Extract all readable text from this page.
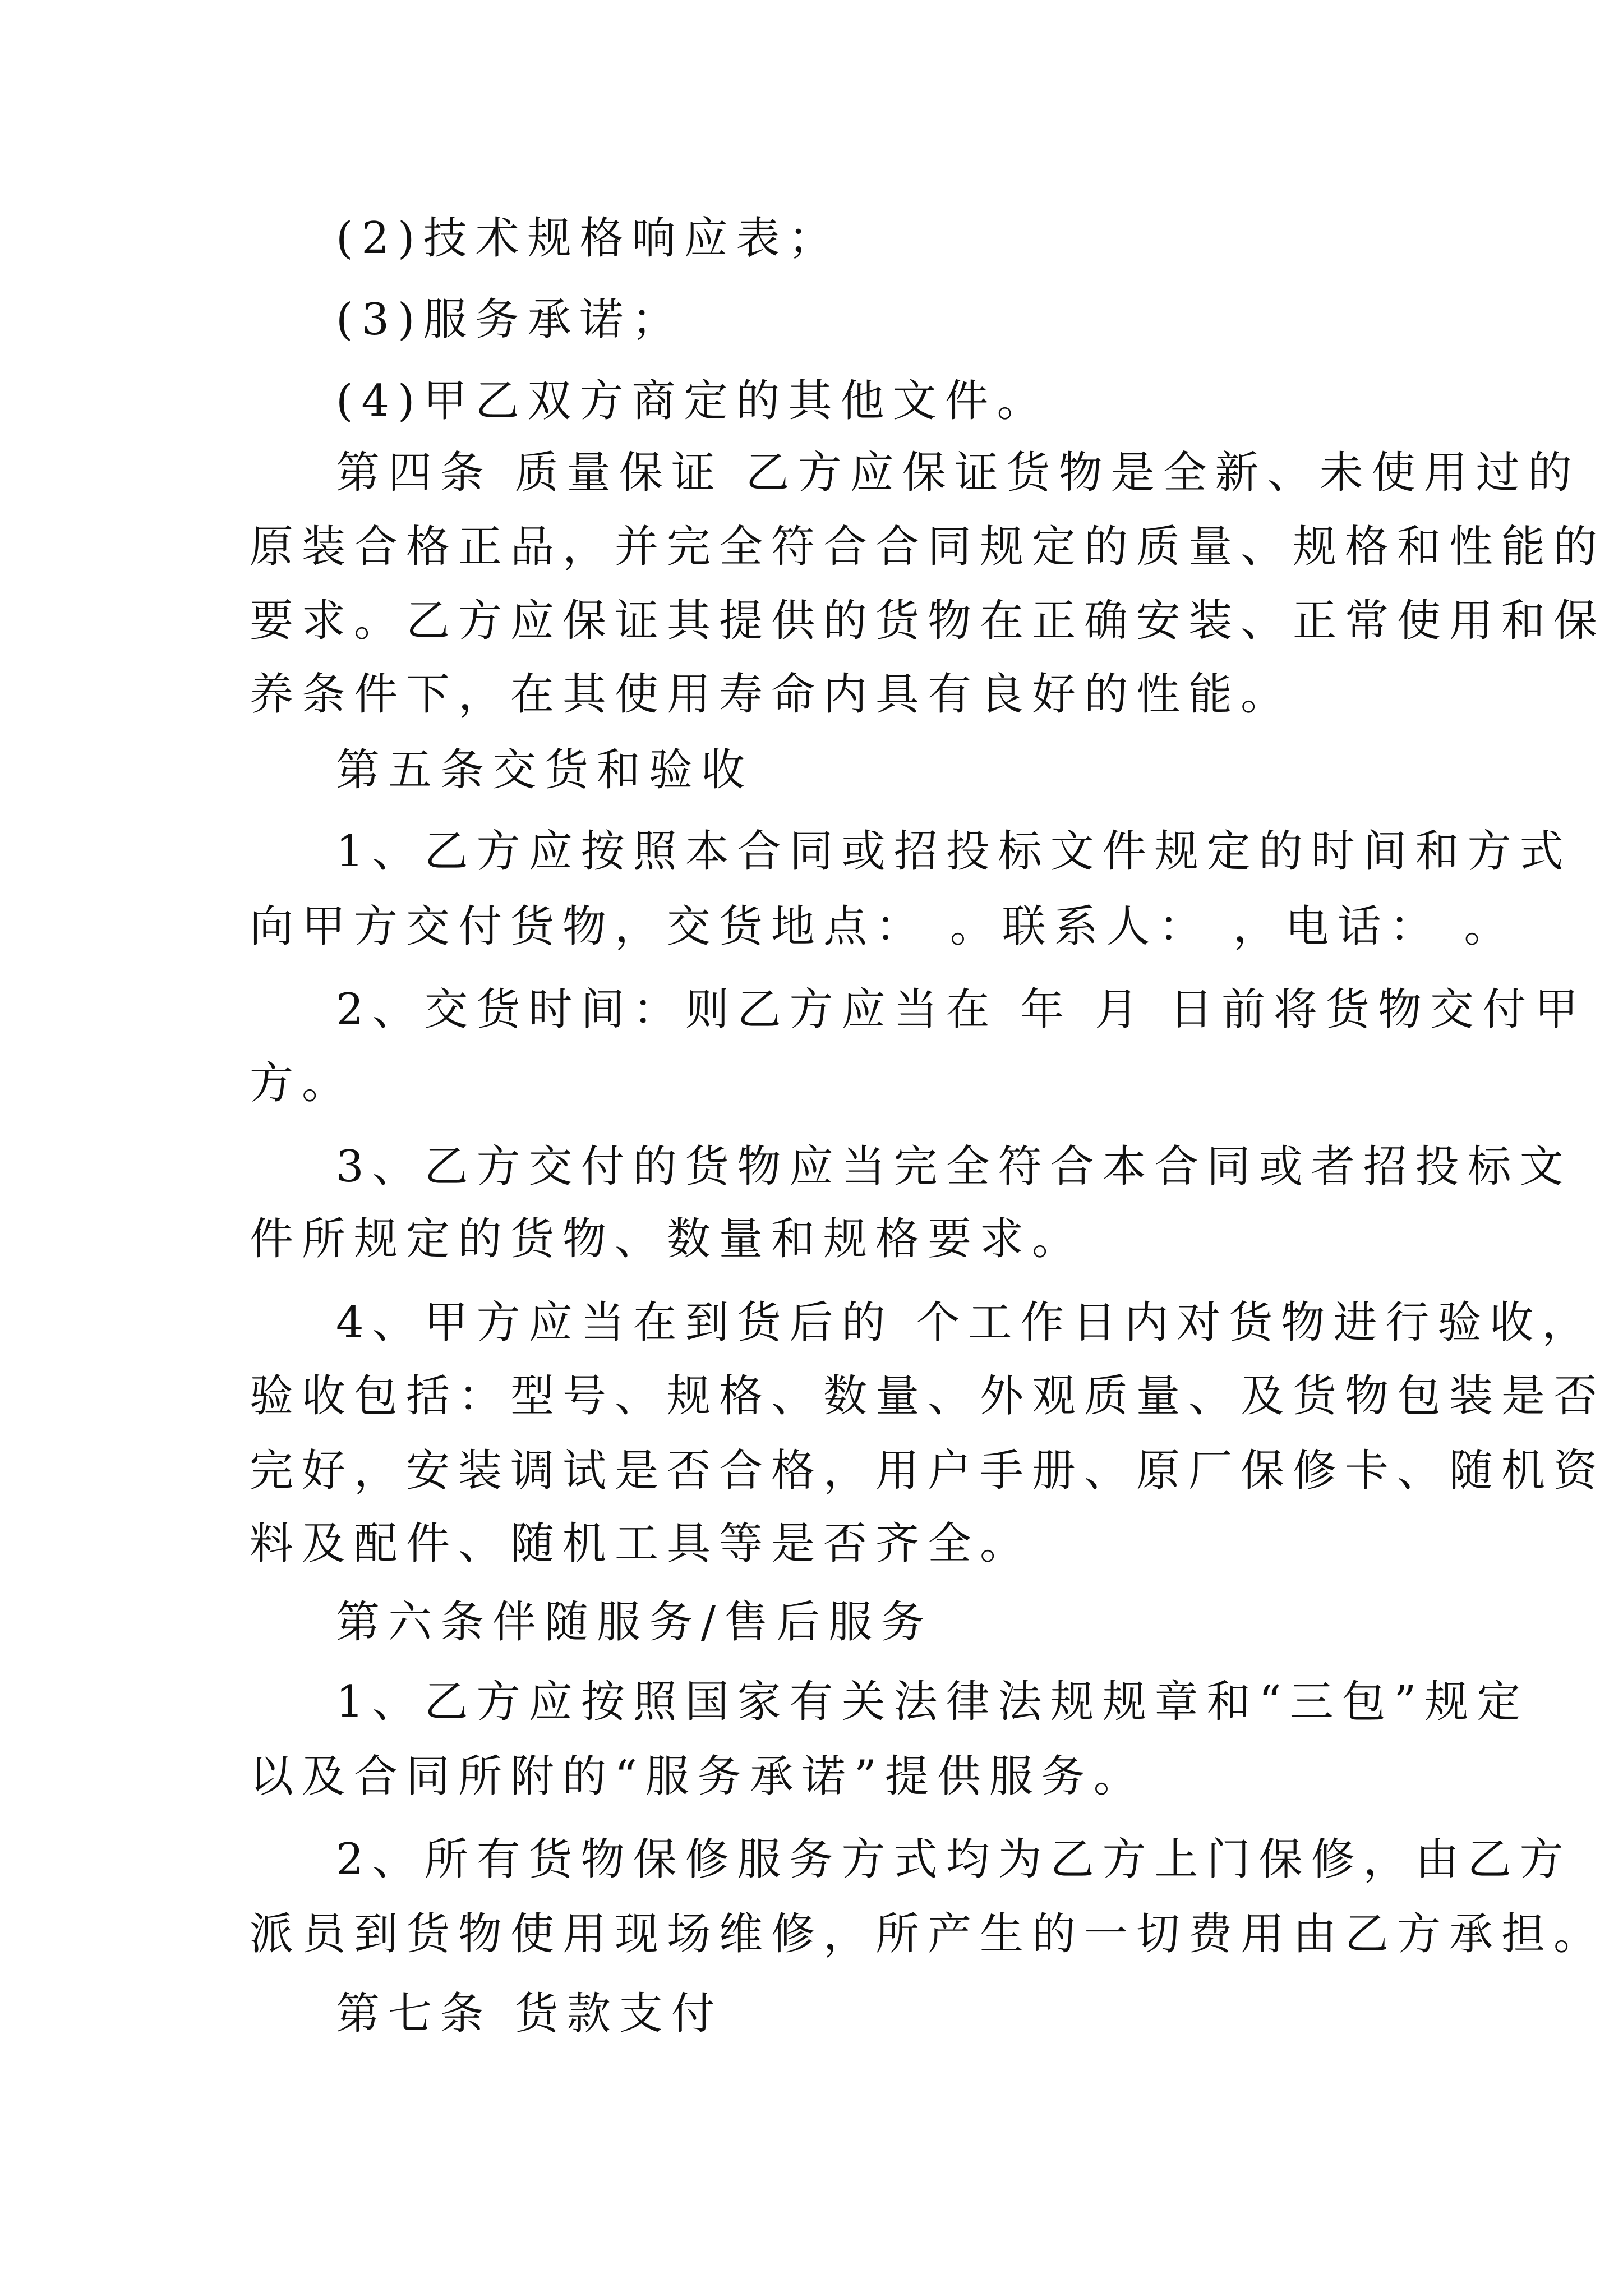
(2)技术规格响应表；
(3)服务承诺；
(4)甲乙双方商定的其他文件。
第四条 质量保证 乙方应保证货物是全新、未使用过的
原装合格正品，并完全符合合同规定的质量、规格和性能的
要求。乙方应保证其提供的货物在正确安装、正常使用和保
养条件下，在其使用寿命内具有良好的性能。
第五条交货和验收
1、乙方应按照本合同或招投标文件规定的时间和方式
向甲方交付货物，交货地点： 。联系人： ，电话： 。
2、交货时间：则乙方应当在 年 月 日前将货物交付甲
方。
3、乙方交付的货物应当完全符合本合同或者招投标文
件所规定的货物、数量和规格要求。
4、甲方应当在到货后的 个工作日内对货物进行验收，
验收包括：型号、规格、数量、外观质量、及货物包装是否
完好，安装调试是否合格，用户手册、原厂保修卡、随机资
料及配件、随机工具等是否齐全。
第六条伴随服务/售后服务
1、乙方应按照国家有关法律法规规章和“三包”规定
以及合同所附的“服务承诺”提供服务。
2、所有货物保修服务方式均为乙方上门保修，由乙方
派员到货物使用现场维修，所产生的一切费用由乙方承担。
第七条 货款支付
